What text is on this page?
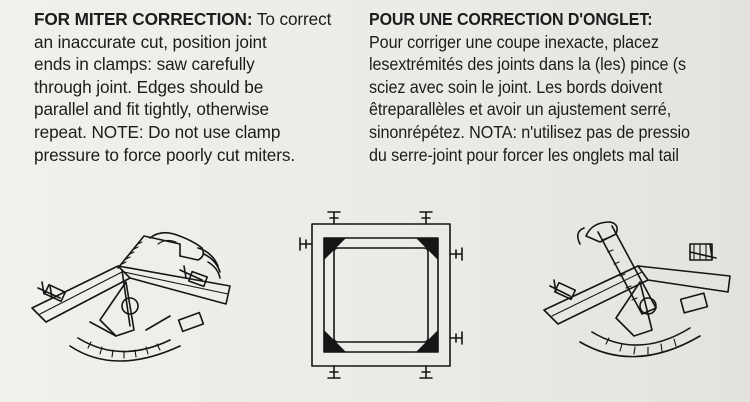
FOR MITER CORRECTION: To correct
an inaccurate cut, position joint
ends in clamps: saw carefully
through joint. Edges should be
parallel and fit tightly, otherwise
repeat. NOTE: Do not use clamp
pressure to force poorly cut miters.
POUR UNE CORRECTION D'ONGLET:
Pour corriger une coupe inexacte, placez
lesextrémités des joints dans la (les) pince (s
sciez avec soin le joint. Les bords doivent
êtreparallèles et avoir un ajustement serré,
sinonrépétez. NOTA: n'utilisez pas de pressio
du serre-joint pour forcer les onglets mal tail
